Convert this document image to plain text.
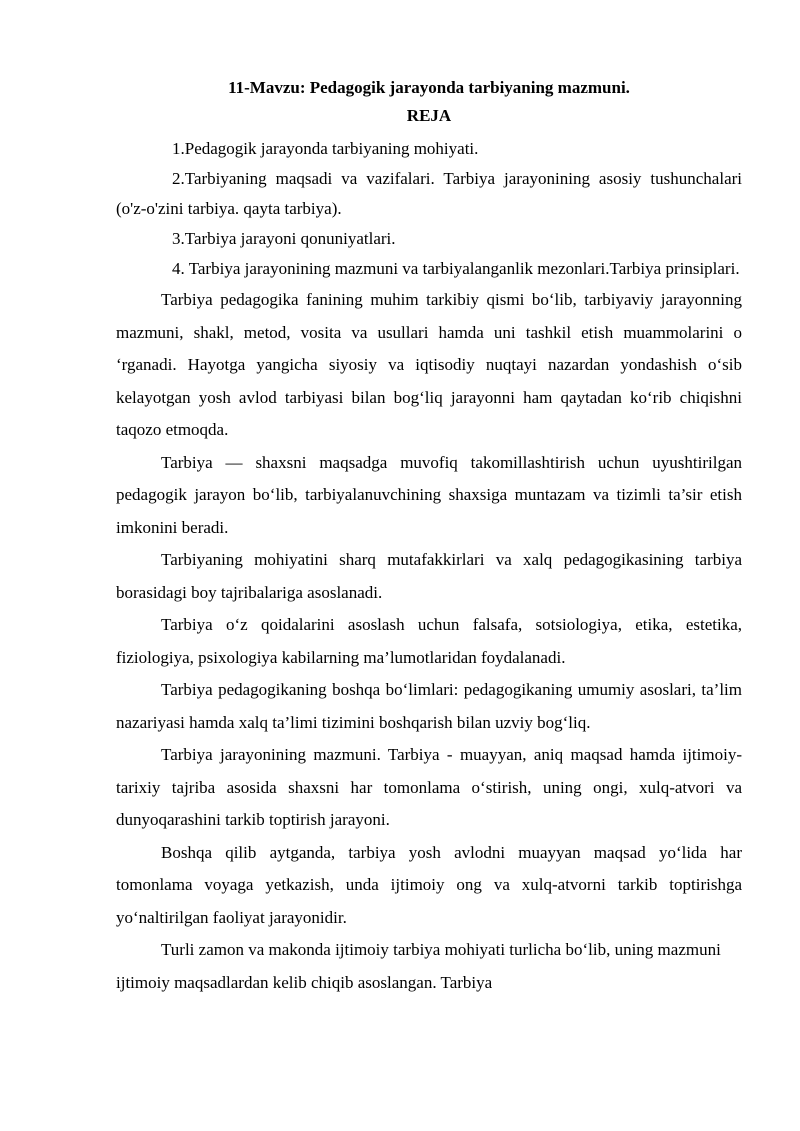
11-Mavzu: Pedagogik jarayonda tarbiyaning mazmuni.

REJA

1.Pedagogik jarayonda tarbiyaning mohiyati.

2.Tarbiyaning maqsadi va vazifalari. Tarbiya jarayonining asosiy tushunchalari (o'z-o'zini tarbiya. qayta tarbiya).

3.Tarbiya jarayoni qonuniyatlari.

4. Tarbiya jarayonining mazmuni va tarbiyalanganlik mezonlari.Tarbiya prinsiplari.

Tarbiya pedagogika fanining muhim tarkibiy qismi bo‘lib, tarbiyaviy jarayonning mazmuni, shakl, metod, vosita va usullari hamda uni tashkil etish muammolarini o ‘rganadi. Hayotga yangicha siyosiy va iqtisodiy nuqtayi nazardan yondashish o‘sib kelayotgan yosh avlod tarbiyasi bilan bog‘liq jarayonni ham qaytadan ko‘rib chiqishni taqozo etmoqda.

Tarbiya — shaxsni maqsadga muvofiq takomillashtirish uchun uyushtirilgan pedagogik jarayon bo‘lib, tarbiyalanuvchining shaxsiga muntazam va tizimli ta’sir etish imkonini beradi.

Tarbiyaning mohiyatini sharq mutafakkirlari va xalq pedagogikasining tarbiya borasidagi boy tajribalariga asoslanadi.

Tarbiya o‘z qoidalarini asoslash uchun falsafa, sotsiologiya, etika, estetika, fiziologiya, psixologiya kabilarning ma’lumotlaridan foydalanadi.

Tarbiya pedagogikaning boshqa bo‘limlari: pedagogikaning umumiy asoslari, ta’lim nazariyasi hamda xalq ta’limi tizimini boshqarish bilan uzviy bog‘liq.

Tarbiya jarayonining mazmuni. Tarbiya - muayyan, aniq maqsad hamda ijtimoiy-tarixiy tajriba asosida shaxsni har tomonlama o‘stirish, uning ongi, xulq-atvori va dunyoqarashini tarkib toptirish jarayoni.

Boshqa qilib aytganda, tarbiya yosh avlodni muayyan maqsad yo‘lida har tomonlama voyaga yetkazish, unda ijtimoiy ong va xulq-atvorni tarkib toptirishga yo‘naltirilgan faoliyat jarayonidir.

Turli zamon va makonda ijtimoiy tarbiya mohiyati turlicha bo‘lib, uning mazmuni ijtimoiy maqsadlardan kelib chiqib asoslangan. Tarbiya
